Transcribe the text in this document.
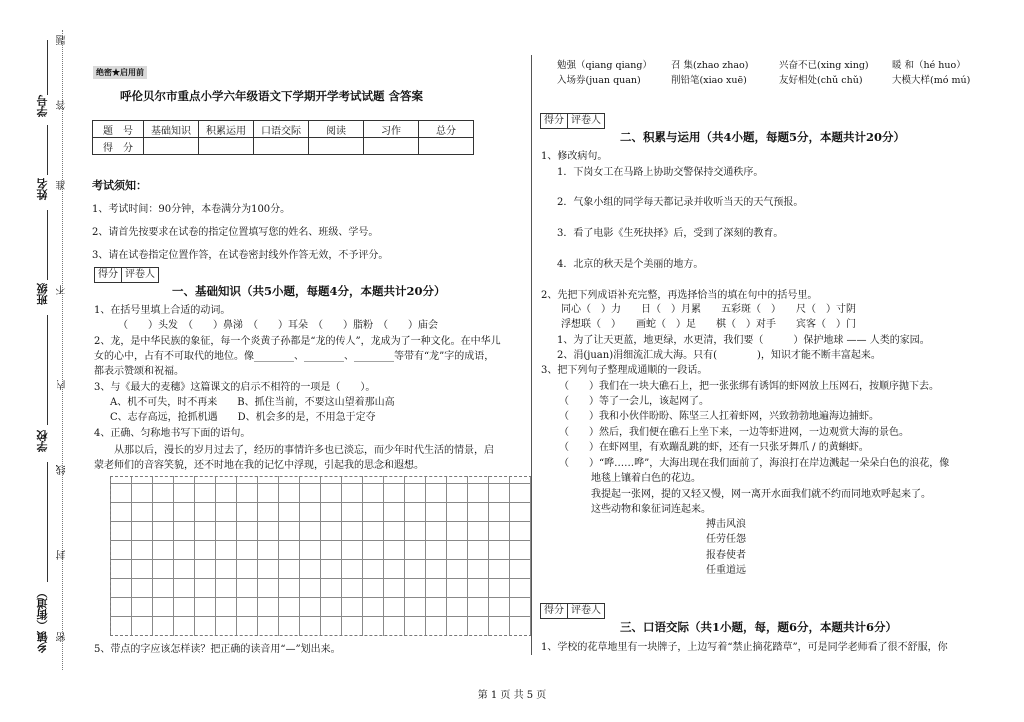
学号
姓名
班级
学校
乡镇（街道）
题
答
准
不
内
线
封
密
绝密★启用前
呼伦贝尔市重点小学六年级语文下学期开学考试试题 含答案
题　号	基础知识	积累运用	口语交际	阅读	习作	总分
得　分						
考试须知：
1、考试时间：90分钟，本卷满分为100分。
2、请首先按要求在试卷的指定位置填写您的姓名、班级、学号。
3、请在试卷指定位置作答，在试卷密封线外作答无效，不予评分。
得分 评卷人
一、基础知识（共5小题，每题4分，本题共计20分）
1、在括号里填上合适的动词。
（　　）头发　（　　）鼻涕　（　　）耳朵　（　　）脂粉　（　　）庙会
2、龙，是中华民族的象征，每一个炎黄子孙都是“龙的传人”，龙成为了一种文化。在中华儿
女的心中，占有不可取代的地位。像________、________、________等带有“龙”字的成语，
都表示赞颂和祝福。
3、与《最大的麦穗》这篇课文的启示不相符的一项是（　　）。
A、机不可失，时不再来　　B、抓住当前，不要这山望着那山高
C、志存高远，抢抓机遇　　D、机会多的是，不用急于定夺
4、正确、匀称地书写下面的语句。
从那以后，漫长的岁月过去了，经历的事情许多也已淡忘，而少年时代生活的情景，启
蒙老师们的音容笑貌，还不时地在我的记忆中浮现，引起我的思念和遐想。
5、带点的字应该怎样读？把正确的读音用“—”划出来。
勉强（qiang qiang） 召 集(zhao zhao)	兴奋不已(xing xing) 暖 和（hé huo）
入场券(juan quan)	削铅笔(xiao xuē)	友好相处(chǔ chǔ)	大模大样(mó mú)
得分 评卷人
二、积累与运用（共4小题，每题5分，本题共计20分）
1、修改病句。
1．下岗女工在马路上协助交警保持交通秩序。
2．气象小组的同学每天都记录并收听当天的天气预报。
3．看了电影《生死抉择》后，受到了深刻的教育。
4．北京的秋天是个美丽的地方。
2、先把下列成语补充完整，再选择恰当的填在句中的括号里。
同心（　）力　　日（　）月累　　五彩斑（　）　　尺（　）寸阴
浮想联（　）　　画蛇（　）足　　棋（　）对手　　宾客（　）门
1、为了让天更蓝，地更绿，水更清，我们要（　　　）保护地球 —— 人类的家园。
2、涓(juan)涓细流汇成大海。只有(　　　　)，知识才能不断丰富起来。
3、把下列句子整理成通顺的一段话。
（　　）我们在一块大礁石上，把一张张绑有诱饵的虾网放上压网石，按顺序抛下去。
（　　）等了一会儿，该起网了。
（　　）我和小伙伴盼盼、陈坚三人扛着虾网，兴致勃勃地遍海边捕虾。
（　　）然后，我们便在礁石上坐下来，一边等虾进网，一边观赏大海的景色。
（　　）在虾网里，有欢蹦乱跳的虾，还有一只张牙舞爪 / 的黄蝌虾。
（　　）“哗……哗”，大海出现在我们面前了，海浪打在岸边溅起一朵朵白色的浪花，像
地毯上镶着白色的花边。
我提起一张网，提的又轻又慢，网一离开水面我们就不约而同地欢呼起来了。
这些动物和象征词连起来。
搏击风浪
任劳任怨
报春使者
任重道远
得分 评卷人
三、口语交际（共1小题，每，题6分，本题共计6分）
1、学校的花草地里有一块牌子，上边写着“禁止摘花踏草”，可是同学老师看了很不舒服，你
第 1 页 共 5 页
